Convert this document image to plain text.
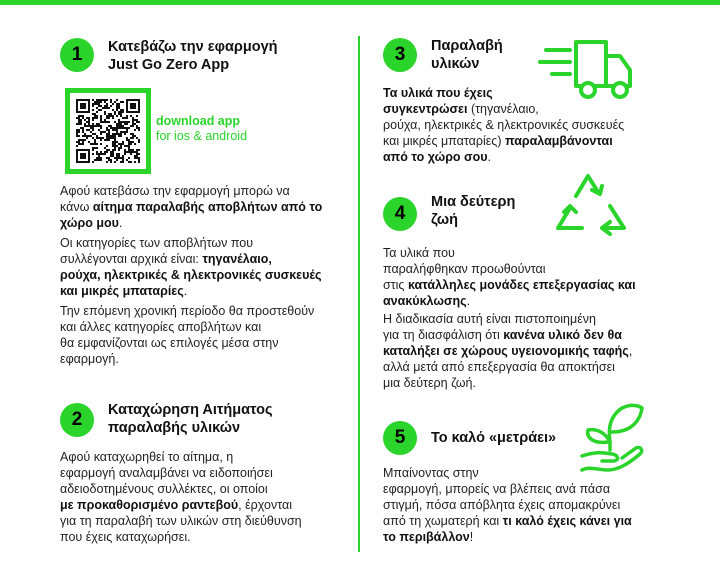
1	Κατεβάζω την εφαρμογή
Just Go Zero App
download app
for ios & android

Αφού κατεβάσω την εφαρμογή μπορώ να
κάνω αίτημα παραλαβής αποβλήτων από το
χώρο μου.

Οι κατηγορίες των αποβλήτων που
συλλέγονται αρχικά είναι: τηγανέλαιο,
ρούχα, ηλεκτρικές & ηλεκτρονικές συσκευές
και μικρές μπαταρίες.

Την επόμενη χρονική περίοδο θα προστεθούν
και άλλες κατηγορίες αποβλήτων και
θα εμφανίζονται ως επιλογές μέσα στην
εφαρμογή.

2	Καταχώρηση Αιτήματος
παραλαβής υλικών

Αφού καταχωρηθεί το αίτημα, η
εφαρμογή αναλαμβάνει να ειδοποιήσει
αδειοδοτημένους συλλέκτες, οι οποίοι
με προκαθορισμένο ραντεβού, έρχονται
για τη παραλαβή των υλικών στη διεύθυνση
που έχεις καταχωρήσει.

3	Παραλαβή
υλικών

Τα υλικά που έχεις
συγκεντρώσει (τηγανέλαιο,
ρούχα, ηλεκτρικές & ηλεκτρονικές συσκευές
και μικρές μπαταρίες) παραλαμβάνονται
από το χώρο σου.

4
Μια δεύτερη
ζωή

Τα υλικά που
παραλήφθηκαν προωθούνται
στις κατάλληλες μονάδες επεξεργασίας και
ανακύκλωσης.

Η διαδικασία αυτή είναι πιστοποιημένη
για τη διασφάλιση ότι κανένα υλικό δεν θα
καταλήξει σε χώρους υγειονομικής ταφής,
αλλά μετά από επεξεργασία θα αποκτήσει
μια δεύτερη ζωή.

5	Το καλό «μετράει»

Μπαίνοντας στην
εφαρμογή, μπορείς να βλέπεις ανά πάσα
στιγμή, πόσα απόβλητα έχεις απομακρύνει
από τη χωματερή και τι καλό έχεις κάνει για
το περιβάλλον!
